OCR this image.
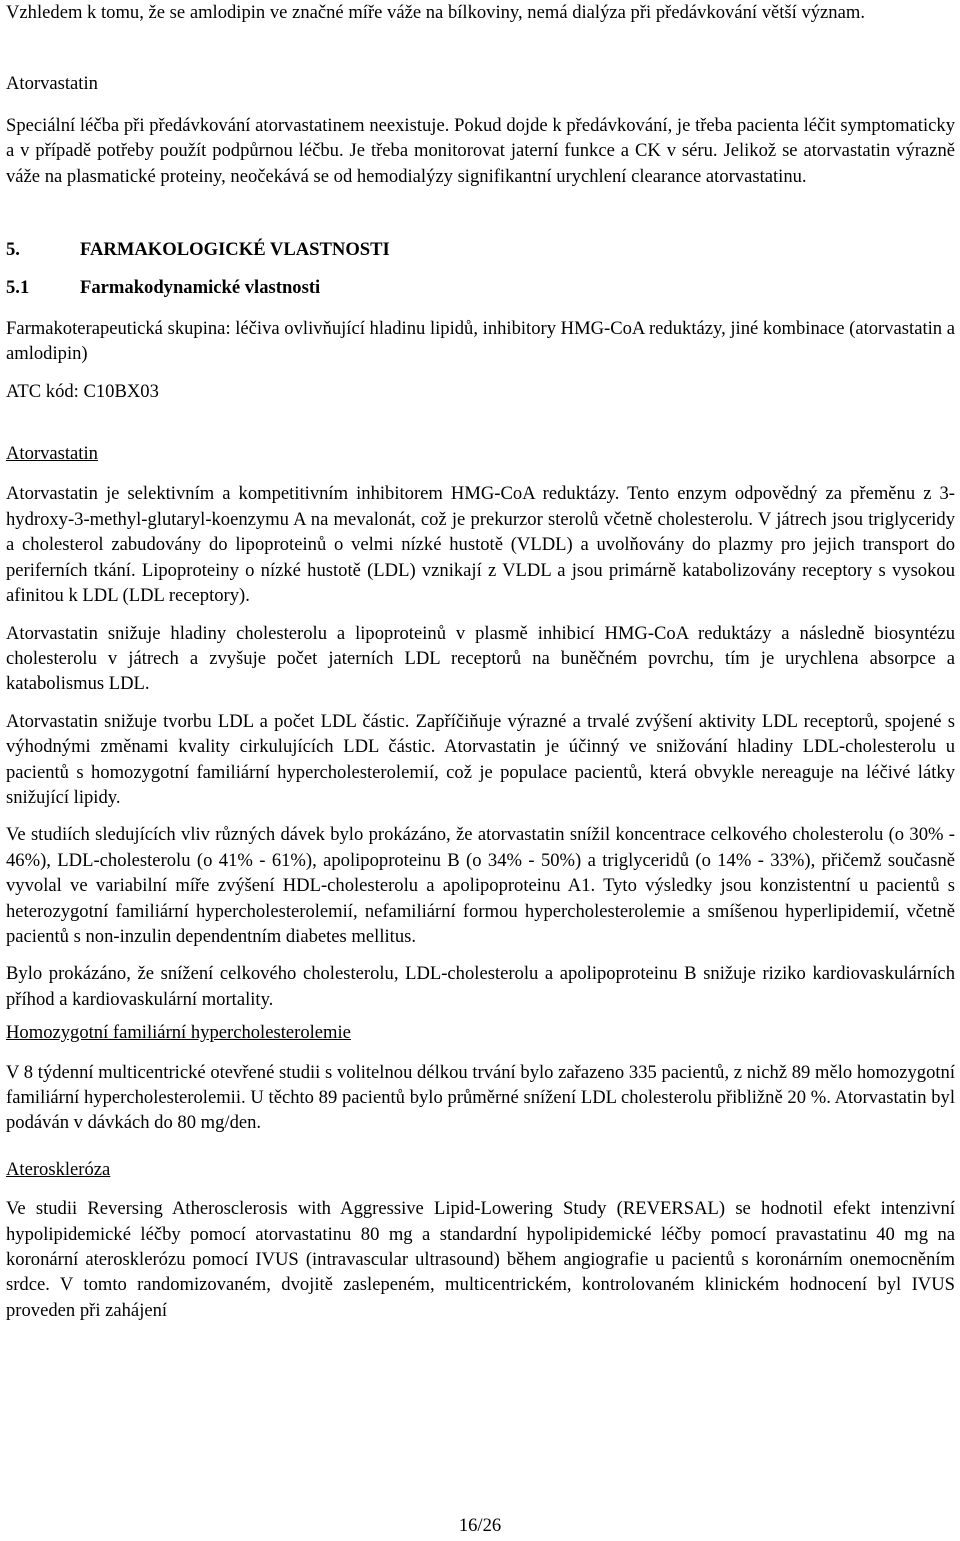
Vzhledem k tomu, že se amlodipin ve značné míře váže na bílkoviny, nemá dialýza při předávkování větší význam.

Atorvastatin

Speciální léčba při předávkování atorvastatinem neexistuje. Pokud dojde k předávkování, je třeba pacienta léčit symptomaticky a v případě potřeby použít podpůrnou léčbu. Je třeba monitorovat jaterní funkce a CK v séru. Jelikož se atorvastatin výrazně váže na plasmatické proteiny, neočekává se od hemodialýzy signifikantní urychlení clearance atorvastatinu.

5.	FARMAKOLOGICKÉ VLASTNOSTI
5.1	Farmakodynamické vlastnosti

Farmakoterapeutická skupina: léčiva ovlivňující hladinu lipidů, inhibitory HMG-CoA reduktázy, jiné kombinace (atorvastatin a amlodipin)

ATC kód: C10BX03

Atorvastatin

Atorvastatin je selektivním a kompetitivním inhibitorem HMG-CoA reduktázy. Tento enzym odpovědný za přeměnu z 3-hydroxy-3-methyl-glutaryl-koenzymu A na mevalonát, což je prekurzor sterolů včetně cholesterolu. V játrech jsou triglyceridy a cholesterol zabudovány do lipoproteinů o velmi nízké hustotě (VLDL) a uvolňovány do plazmy pro jejich transport do periferních tkání. Lipoproteiny o nízké hustotě (LDL) vznikají z VLDL a jsou primárně katabolizovány receptory s vysokou afinitou k LDL (LDL receptory).

Atorvastatin snižuje hladiny cholesterolu a lipoproteinů v plasmě inhibicí HMG-CoA reduktázy a následně biosyntézu cholesterolu v játrech a zvyšuje počet jaterních LDL receptorů na buněčném povrchu, tím je urychlena absorpce a katabolismus LDL.

Atorvastatin snižuje tvorbu LDL a počet LDL částic. Zapříčiňuje výrazné a trvalé zvýšení aktivity LDL receptorů, spojené s výhodnými změnami kvality cirkulujících LDL částic. Atorvastatin je účinný ve snižování hladiny LDL-cholesterolu u pacientů s homozygotní familiární hypercholesterolemií, což je populace pacientů, která obvykle nereaguje na léčivé látky snižující lipidy.

Ve studiích sledujících vliv různých dávek bylo prokázáno, že atorvastatin snížil koncentrace celkového cholesterolu (o 30% - 46%), LDL-cholesterolu (o 41% - 61%), apolipoproteinu B (o 34% - 50%) a triglyceridů (o 14% - 33%), přičemž současně vyvolal ve variabilní míře zvýšení HDL-cholesterolu a apolipoproteinu A1. Tyto výsledky jsou konzistentní u pacientů s heterozygotní familiární hypercholesterolemií, nefamiliární formou hypercholesterolemie a smíšenou hyperlipidemií, včetně pacientů s non-inzulin dependentním diabetes mellitus.

Bylo prokázáno, že snížení celkového cholesterolu, LDL-cholesterolu a apolipoproteinu B snižuje riziko kardiovaskulárních příhod a kardiovaskulární mortality.

Homozygotní familiární hypercholesterolemie

V 8 týdenní multicentrické otevřené studii s volitelnou délkou trvání bylo zařazeno 335 pacientů, z nichž 89 mělo homozygotní familiární hypercholesterolemii. U těchto 89 pacientů bylo průměrné snížení LDL cholesterolu přibližně 20 %. Atorvastatin byl podáván v dávkách do 80 mg/den.

Ateroskleróza

Ve studii Reversing Atherosclerosis with Aggressive Lipid-Lowering Study (REVERSAL) se hodnotil efekt intenzivní hypolipidemické léčby pomocí atorvastatinu 80 mg a standardní hypolipidemické léčby pomocí pravastatinu 40 mg na koronární aterosklerózu pomocí IVUS (intravascular ultrasound) během angiografie u pacientů s koronárním onemocněním srdce. V tomto randomizovaném, dvojitě zaslepeném, multicentrickém, kontrolovaném klinickém hodnocení byl IVUS proveden při zahájení

16/26
